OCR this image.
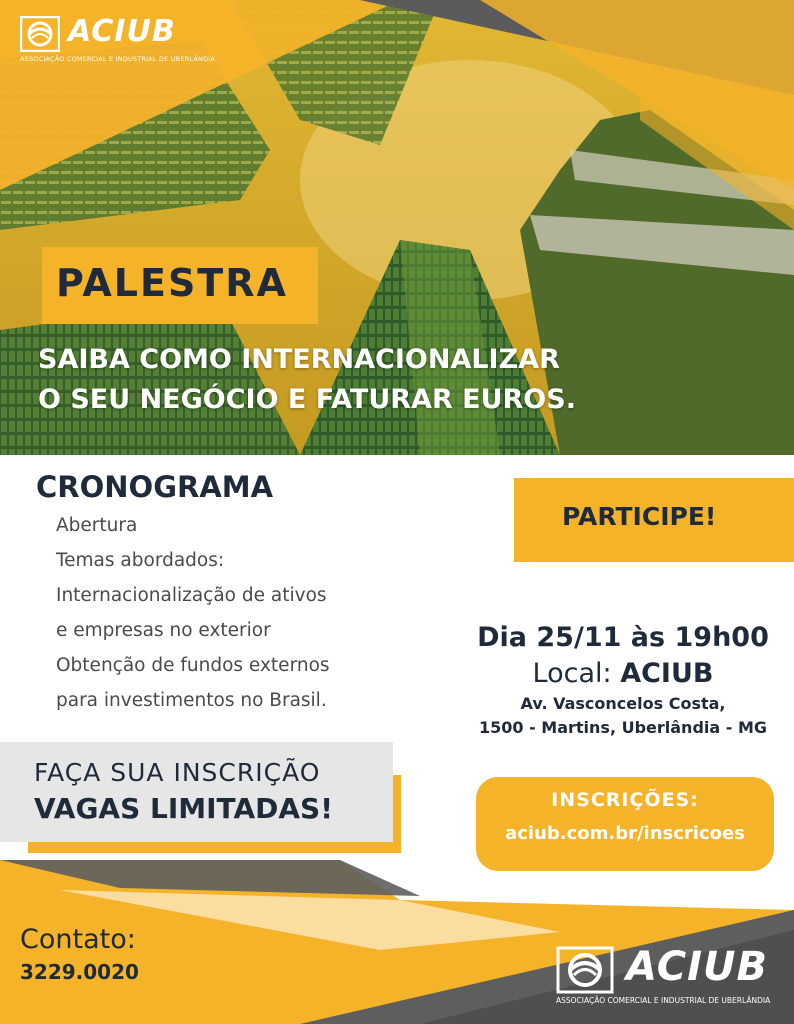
ACIUB
ASSOCIAÇÃO COMERCIAL E INDUSTRIAL DE UBERLÂNDIA
PALESTRA
SAIBA COMO INTERNACIONALIZAR
O SEU NEGÓCIO E FATURAR EUROS.
CRONOGRAMA
Abertura
Temas abordados:
Internacionalização de ativos
e empresas no exterior
Obtenção de fundos externos
para investimentos no Brasil.
PARTICIPE!
Dia 25/11 às 19h00
Local: ACIUB
Av. Vasconcelos Costa,
1500 - Martins, Uberlândia - MG
FAÇA SUA INSCRIÇÃO
VAGAS LIMITADAS!	INSCRIÇÕES:
aciub.com.br/inscricoes
Contato:
3229.0020	ACIUB
ASSOCIAÇÃO COMERCIAL E INDUSTRIAL DE UBERLÂNDIA
